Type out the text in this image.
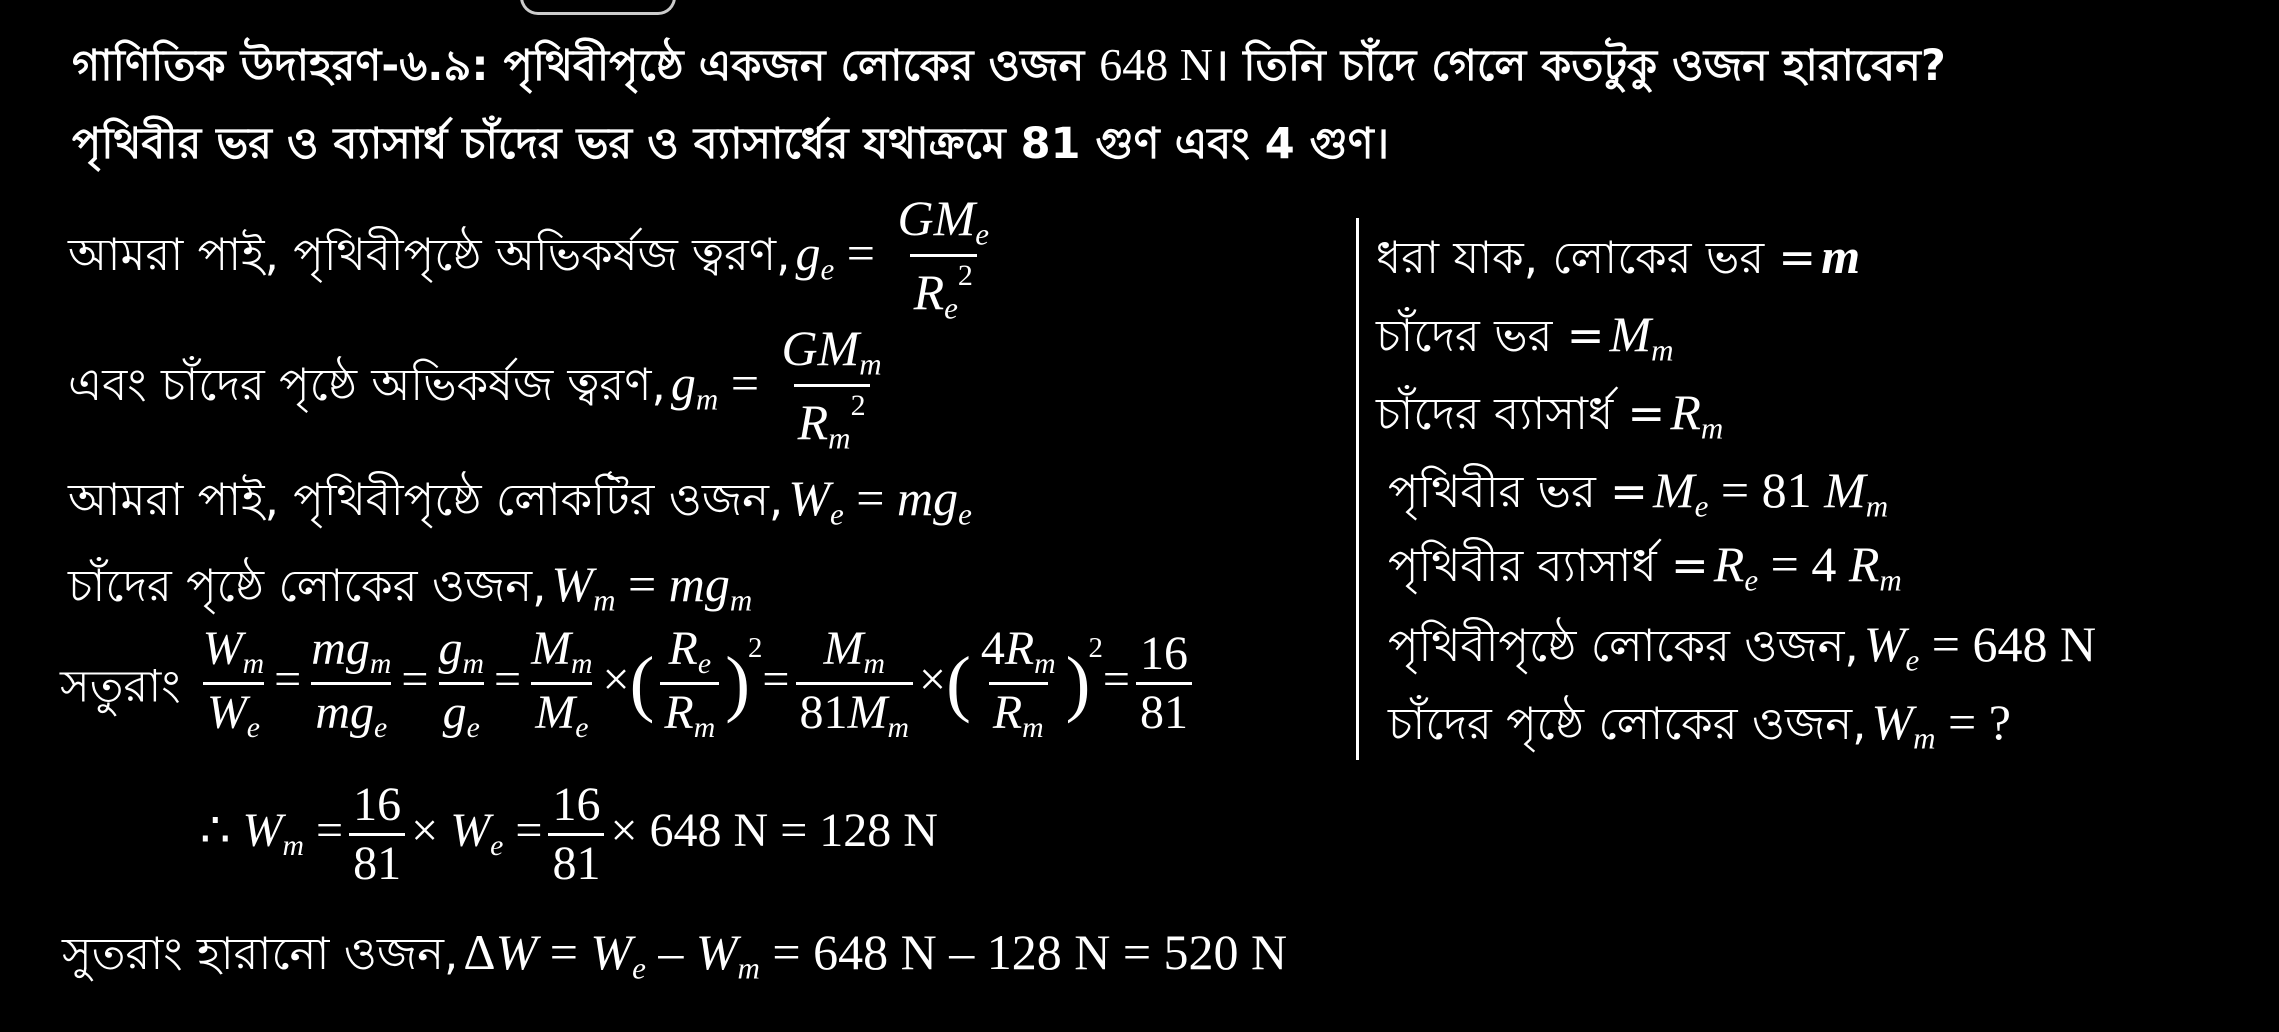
গাণিতিক উদাহরণ-৬.৯: পৃথিবীপৃষ্ঠে একজন লোকের ওজন 648 N। তিনি চাঁদে গেলে কতটুকু ওজন হারাবেন?
পৃথিবীর ভর ও ব্যাসার্ধ চাঁদের ভর ও ব্যাসার্ধের যথাক্রমে 81 গুণ এবং 4 গুণ।
আমরা পাই, পৃথিবীপৃষ্ঠে অভিকর্ষজ ত্বরণ, $g_e = \frac{GM_e}{R_e^2}$
এবং চাঁদের পৃষ্ঠে অভিকর্ষজ ত্বরণ, $g_m = \frac{GM_m}{R_m^2}$
আমরা পাই, পৃথিবীপৃষ্ঠে লোকটির ওজন, $W_e = mg_e$
চাঁদের পৃষ্ঠে লোকের ওজন, $W_m = mg_m$
সতুরাং $\frac{W_m}{W_e} = \frac{mg_m}{mg_e} = \frac{g_m}{g_e} = \frac{M_m}{M_e}$ ×( $\frac{R_e}{R_m} )^2= \frac{M_m}{81M_m}$ ×( $\frac{4R_m}{R_m} )^2= \frac{16}{81}$
∴ $W_m = \frac{16}{81} \times W_e = \frac{16}{81} \times 648$ N = 128 N
সুতরাং হারানো ওজন, $\Delta W = W_e - W_m = 648$ N – 128 N = 520 N
ধরা যাক, লোকের ভর = m
চাঁদের ভর = $M_m$
চাঁদের ব্যাসার্ধ = $R_m$
পৃথিবীর ভর = $M_e = 81$ $M_m$
পৃথিবীর ব্যাসার্ধ = $R_e = 4$ $R_m$
পৃথিবীপৃষ্ঠে লোকের ওজন, $W_e = 648$ N
চাঁদের পৃষ্ঠে লোকের ওজন, $W_m$ = ?
